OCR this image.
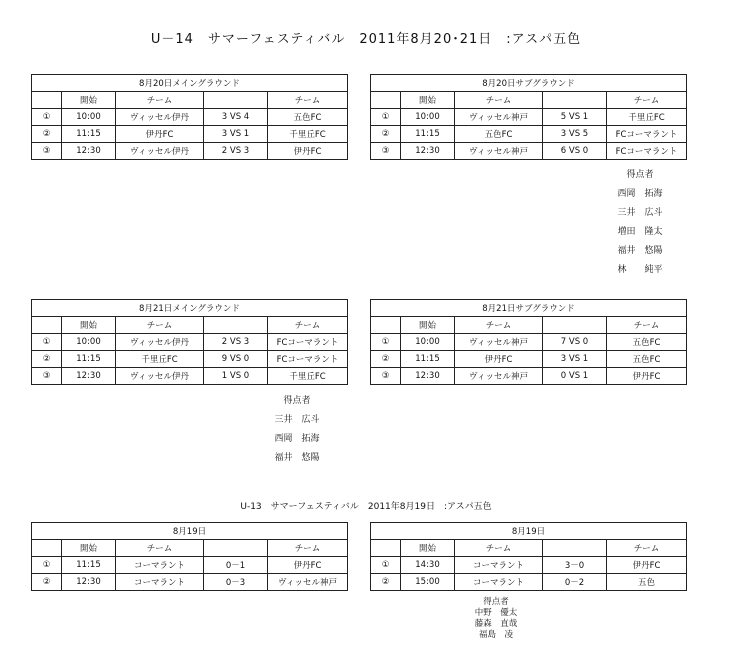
U－14　サマーフェスティバル　2011年8月20･21日　:アスパ五色
8月20日メイングラウンド				
	開始	チーム		チーム
①	10:00	ヴィッセル伊丹	3 VS 4	五色FC
②	11:15	伊丹FC	3 VS 1	千里丘FC
③	12:30	ヴィッセル伊丹	2 VS 3	伊丹FC
8月20日サブグラウンド				
	開始	チーム		チーム
①	10:00	ヴィッセル神戸	5 VS 1	千里丘FC
②	11:15	五色FC	3 VS 5	FCコーマラント
③	12:30	ヴィッセル神戸	6 VS 0	FCコーマラント
得点者
西岡　拓海
三井　広斗
増田　隆太
福井　悠陽
林　　純平
8月21日メイングラウンド				
	開始	チーム		チーム
①	10:00	ヴィッセル伊丹	2 VS 3	FCコーマラント
②	11:15	千里丘FC	9 VS 0	FCコーマラント
③	12:30	ヴィッセル伊丹	1 VS 0	千里丘FC
得点者
三井　広斗
西岡　拓海
福井　悠陽
8月21日サブグラウンド				
	開始	チーム		チーム
①	10:00	ヴィッセル神戸	7 VS 0	五色FC
②	11:15	伊丹FC	3 VS 1	五色FC
③	12:30	ヴィッセル神戸	0 VS 1	伊丹FC
U-13　サマーフェスティバル　2011年8月19日　:アスパ五色
8月19日				
	開始	チーム		チーム
①	11:15	コーマラント	0－1	伊丹FC
②	12:30	コーマラント	0－3	ヴィッセル神戸
8月19日				
	開始	チーム		チーム
①	14:30	コーマラント	3－0	伊丹FC
②	15:00	コーマラント	0－2	五色
得点者
中野　優太
藤森　直哉
福島　凌
